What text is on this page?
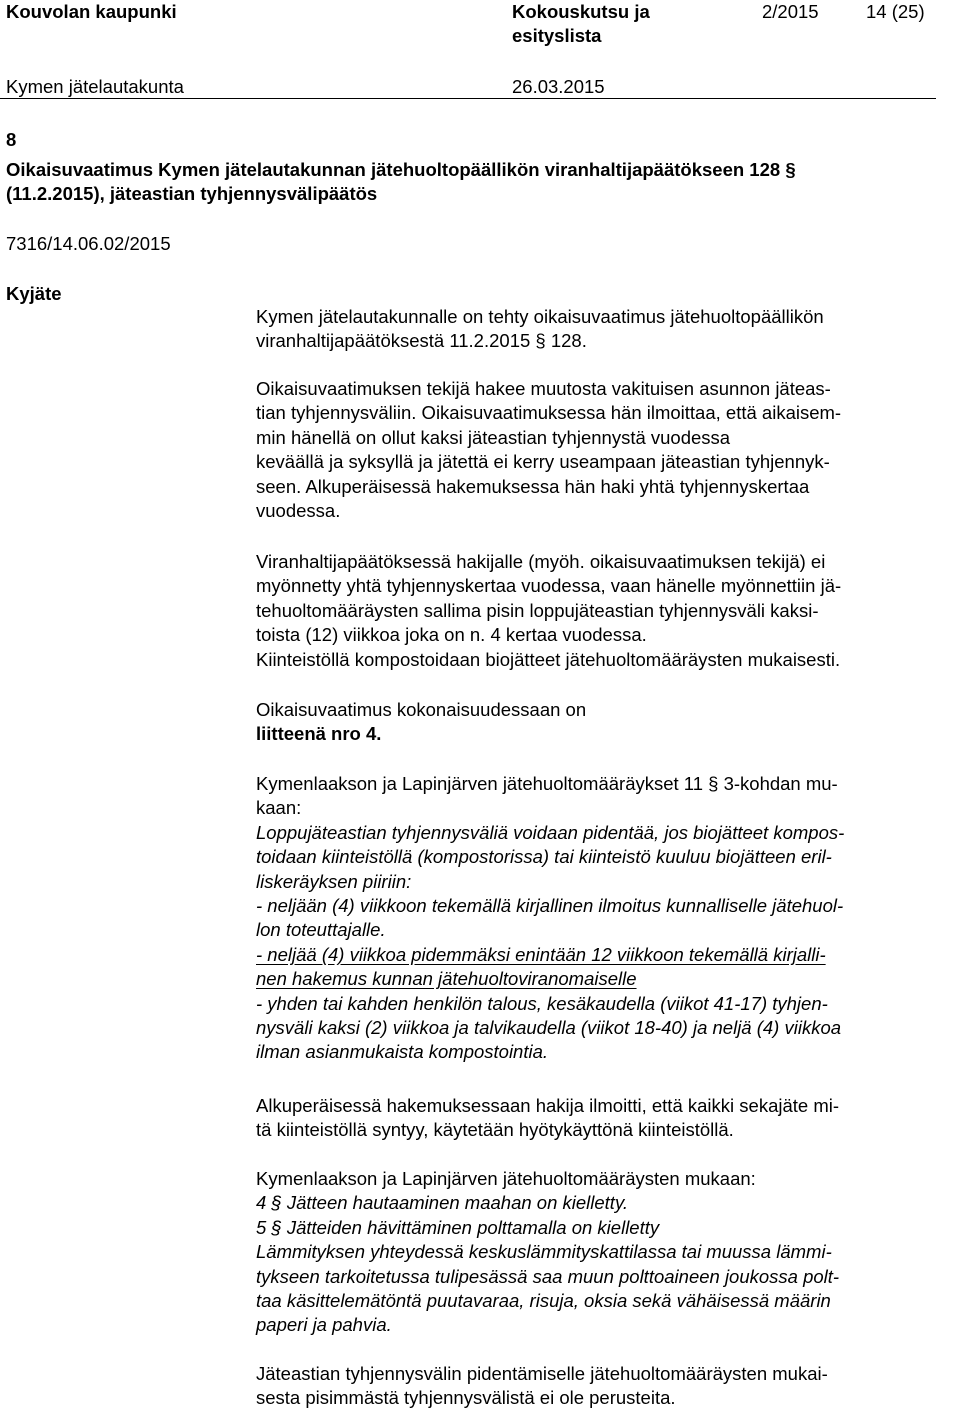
Kouvolan kaupunki	Kokouskutsu ja
esityslista
2/2015	14 (25)
Kymen jätelautakunta	26.03.2015
8
Oikaisuvaatimus Kymen jätelautakunnan jätehuoltopäällikön viranhaltijapäätökseen 128 §
(11.2.2015), jäteastian tyhjennysvälipäätös
7316/14.06.02/2015
Kyjäte
Kymen jätelautakunnalle on tehty oikaisuvaatimus jätehuoltopäällikön
viranhaltijapäätöksestä 11.2.2015 § 128.
Oikaisuvaatimuksen tekijä hakee muutosta vakituisen asunnon jäteas-
tian tyhjennysväliin. Oikaisuvaatimuksessa hän ilmoittaa, että aikaisem-
min hänellä on ollut kaksi jäteastian tyhjennystä vuodessa
keväällä ja syksyllä ja jätettä ei kerry useampaan jäteastian tyhjennyk-
seen. Alkuperäisessä hakemuksessa hän haki yhtä tyhjennyskertaa
vuodessa.
Viranhaltijapäätöksessä hakijalle (myöh. oikaisuvaatimuksen tekijä) ei
myönnetty yhtä tyhjennyskertaa vuodessa, vaan hänelle myönnettiin jä-
tehuoltomääräysten sallima pisin loppujäteastian tyhjennysväli kaksi-
toista (12) viikkoa joka on n. 4 kertaa vuodessa.
Kiinteistöllä kompostoidaan biojätteet jätehuoltomääräysten mukaisesti.
Oikaisuvaatimus kokonaisuudessaan on
liitteenä nro 4.
Kymenlaakson ja Lapinjärven jätehuoltomääräykset 11 § 3-kohdan mu-
kaan:
Loppujäteastian tyhjennysväliä voidaan pidentää, jos biojätteet kompos-
toidaan kiinteistöllä (kompostorissa) tai kiinteistö kuuluu biojätteen eril-
liskeräyksen piiriin:
- neljään (4) viikkoon tekemällä kirjallinen ilmoitus kunnalliselle jätehuol-
lon toteuttajalle.
- neljää (4) viikkoa pidemmäksi enintään 12 viikkoon tekemällä kirjalli-
nen hakemus kunnan jätehuoltoviranomaiselle
- yhden tai kahden henkilön talous, kesäkaudella (viikot 41-17) tyhjen-
nysväli kaksi (2) viikkoa ja talvikaudella (viikot 18-40) ja neljä (4) viikkoa
ilman asianmukaista kompostointia.
Alkuperäisessä hakemuksessaan hakija ilmoitti, että kaikki sekajäte mi-
tä kiinteistöllä syntyy, käytetään hyötykäyttönä kiinteistöllä.
Kymenlaakson ja Lapinjärven jätehuoltomääräysten mukaan:
4 § Jätteen hautaaminen maahan on kielletty.
5 § Jätteiden hävittäminen polttamalla on kielletty
Lämmityksen yhteydessä keskuslämmityskattilassa tai muussa lämmi-
tykseen tarkoitetussa tulipesässä saa muun polttoaineen joukossa polt-
taa käsittelemätöntä puutavaraa, risuja, oksia sekä vähäisessä määrin
paperi ja pahvia.
Jäteastian tyhjennysvälin pidentämiselle jätehuoltomääräysten mukai-
sesta pisimmästä tyhjennysvälistä ei ole perusteita.
